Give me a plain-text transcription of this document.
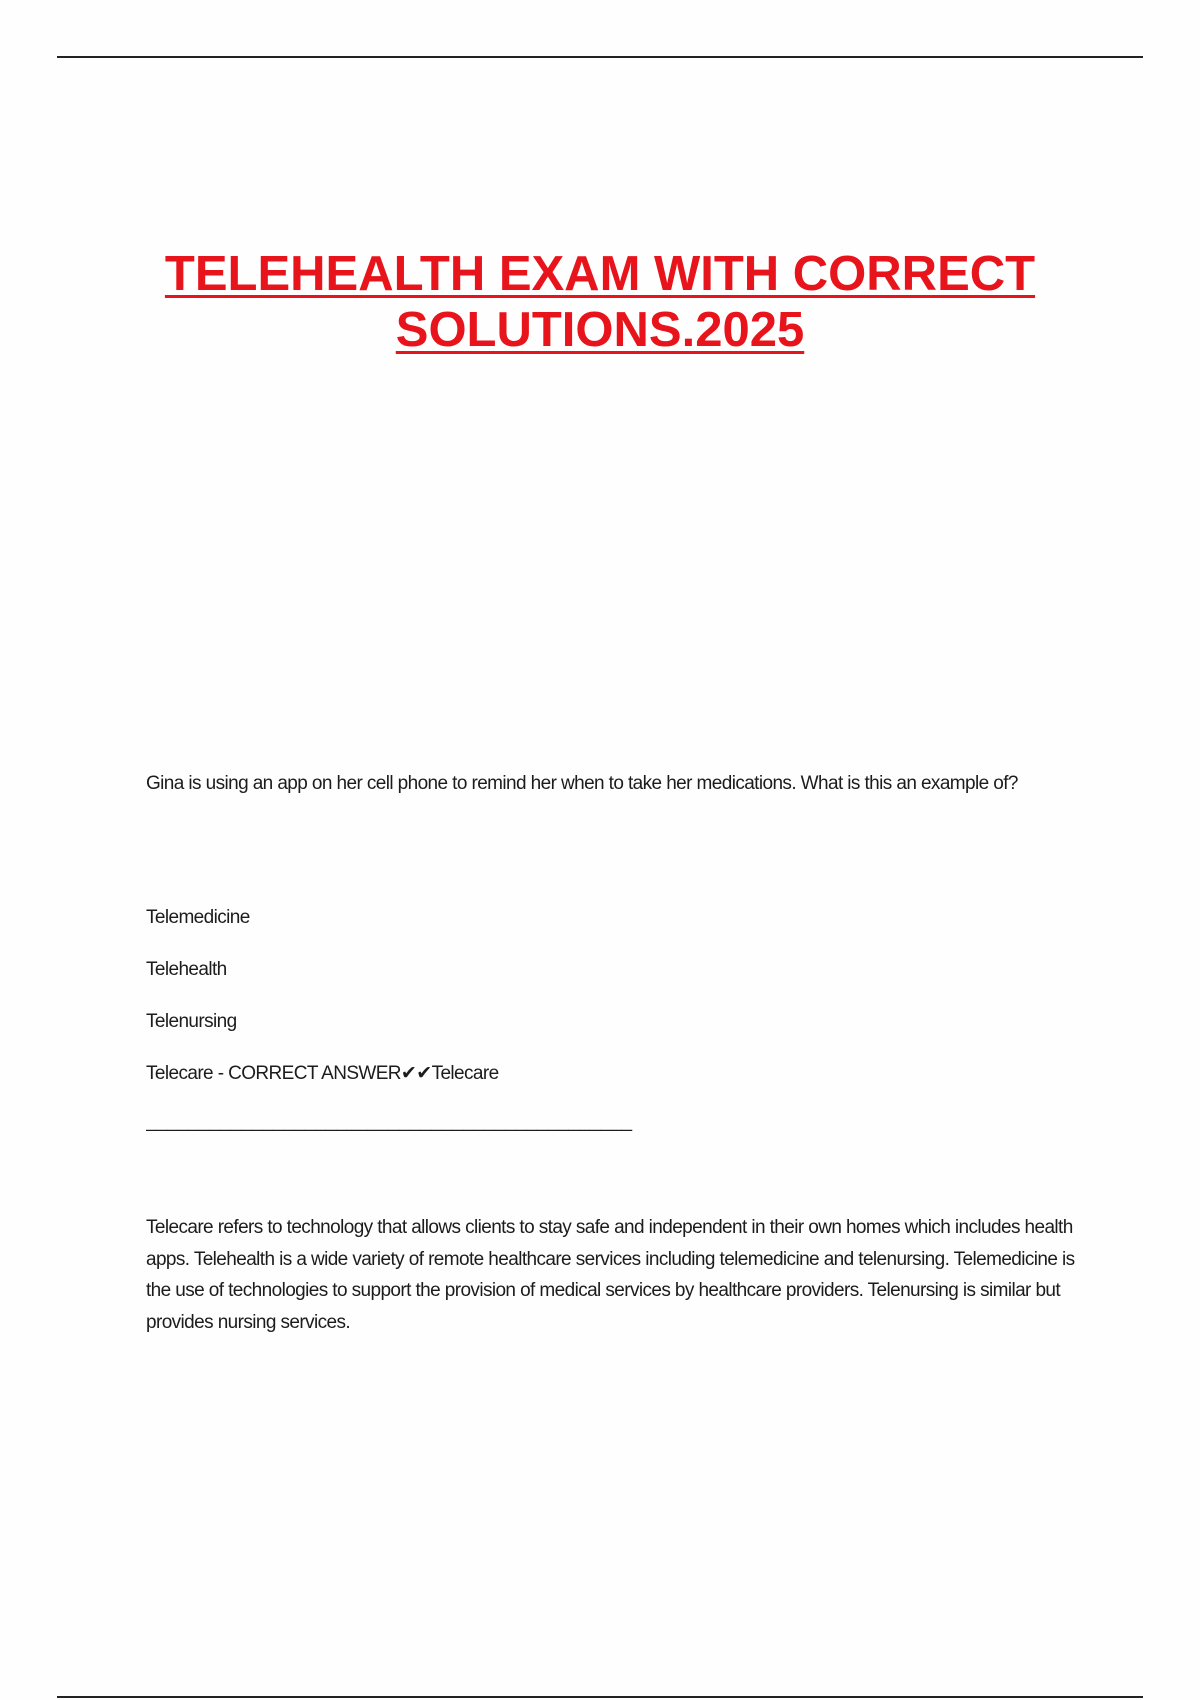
TELEHEALTH EXAM WITH CORRECT
SOLUTIONS.2025

Gina is using an app on her cell phone to remind her when to take her medications. What is this an example of?

Telemedicine
Telehealth
Telenursing
Telecare - CORRECT ANSWER✔✔Telecare
______________________________________________

Telecare refers to technology that allows clients to stay safe and independent in their own homes which includes health apps. Telehealth is a wide variety of remote healthcare services including telemedicine and telenursing. Telemedicine is the use of technologies to support the provision of medical services by healthcare providers. Telenursing is similar but provides nursing services.
